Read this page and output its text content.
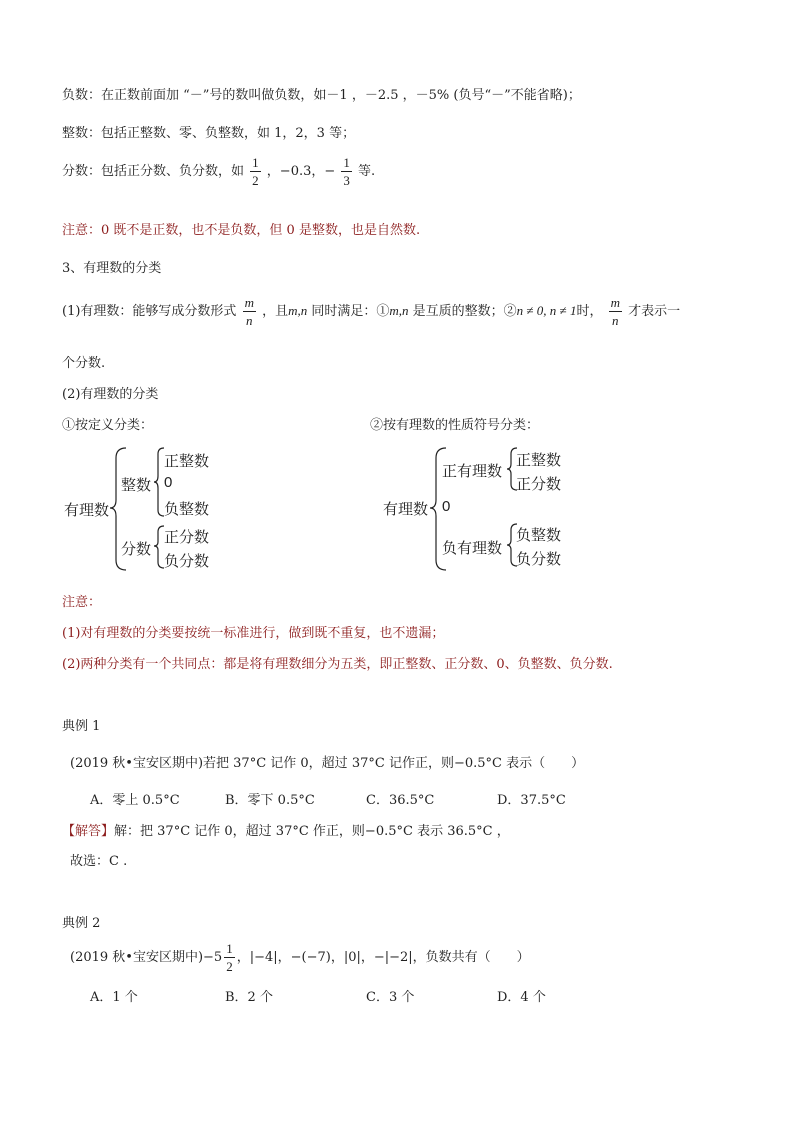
负数：在正数前面加 “－”号的数叫做负数，如－1 ，－2.5 ，－5% (负号“－”不能省略)；
整数：包括正整数、零、负整数，如 1，2，3 等；
分数：包括正分数、负分数，如 $\frac{1}{2}$ ，−0.3，− $\frac{1}{3}$ 等.
注意：0 既不是正数，也不是负数，但 0 是整数，也是自然数.
3、有理数的分类
(1)有理数：能够写成分数形式 $\frac{m}{n}$ ，且m,n 同时满足：①m,n 是互质的整数；②n ≠ 0, n ≠ 1时， $\frac{m}{n}$ 才表示一
个分数.
(2)有理数的分类
①按定义分类：	②按有理数的性质符号分类：
有理数
整数
正整数
0
负整数
分数
正分数
负分数
有理数
正有理数
正整数
正分数
0
负有理数
负整数
负分数
注意：
(1)对有理数的分类要按统一标准进行，做到既不重复，也不遗漏；
(2)两种分类有一个共同点：都是将有理数细分为五类，即正整数、正分数、0、负整数、负分数.
典例 1
(2019 秋•宝安区期中)若把 37°C 记作 0，超过 37°C 记作正，则−0.5°C 表示（　　）
A．零上 0.5°C	B．零下 0.5°C	C．36.5°C	D．37.5°C
【解答】解：把 37°C 记作 0，超过 37°C 作正，则−0.5°C 表示 36.5°C ，
故选：C .
典例 2
(2019 秋•宝安区期中)$-5 \frac{1}{2}$ ，|−4|，−(−7)，|0|，−|−2|，负数共有（　　）
A．1 个	B．2 个	C．3 个	D．4 个
